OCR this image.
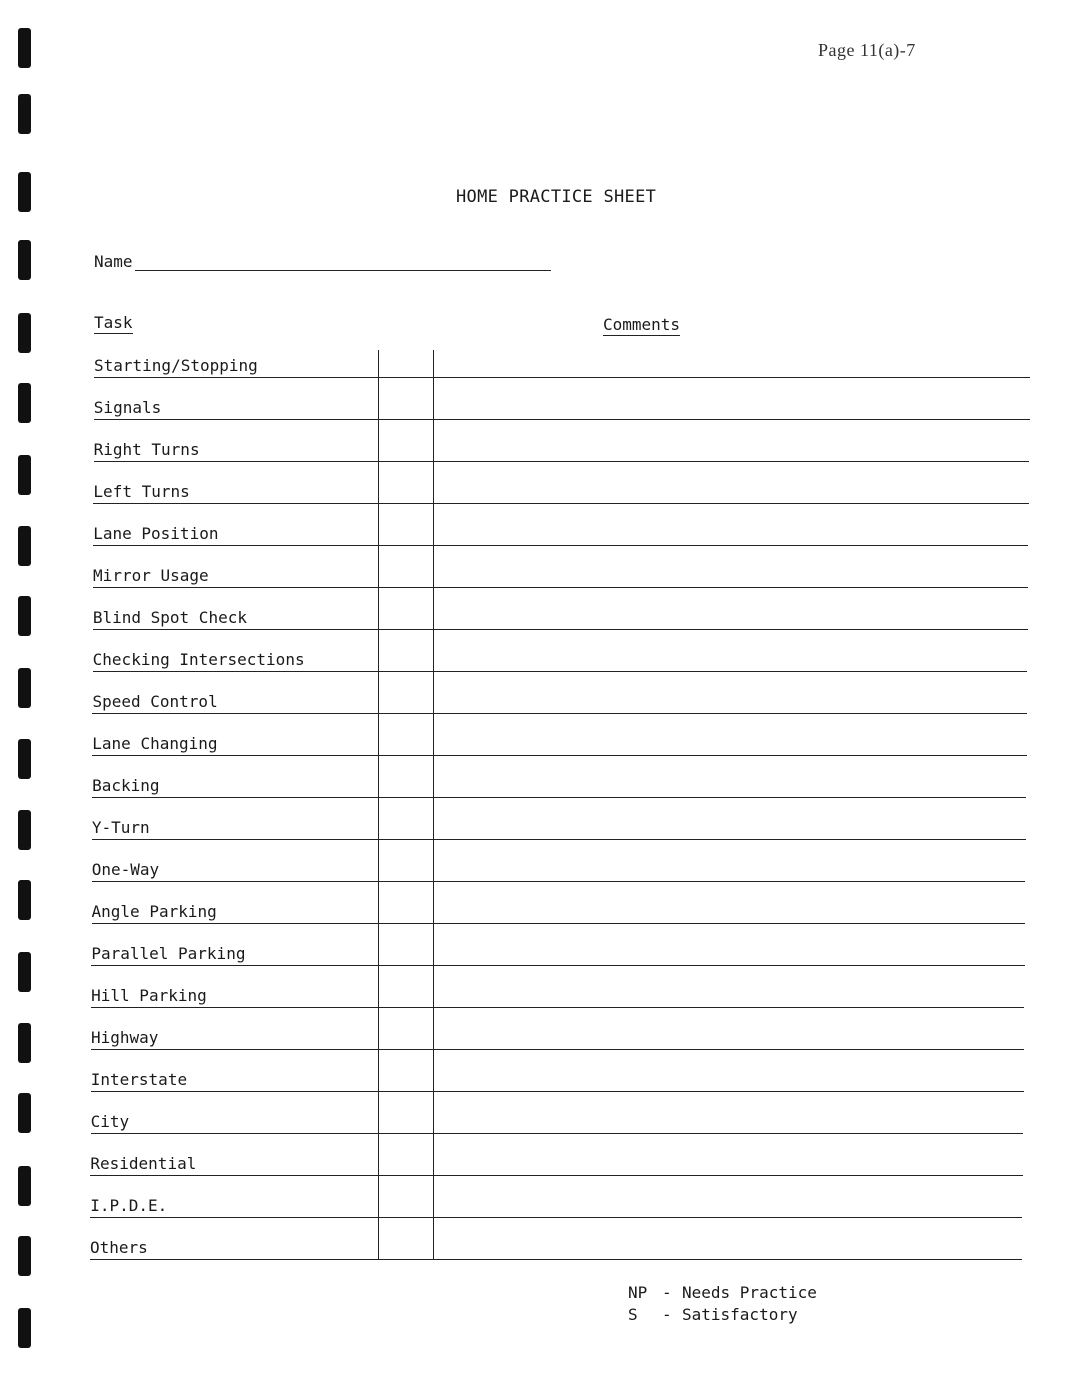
Page 11(a)-7
HOME PRACTICE SHEET
Name
Task	Comments
Starting/Stopping
Signals
Right Turns
Left Turns
Lane Position
Mirror Usage
Blind Spot Check
Checking Intersections
Speed Control
Lane Changing
Backing
Y-Turn
One-Way
Angle Parking
Parallel Parking
Hill Parking
Highway
Interstate
City
Residential
I.P.D.E.
Others
NP - Needs Practice
S	- Satisfactory
